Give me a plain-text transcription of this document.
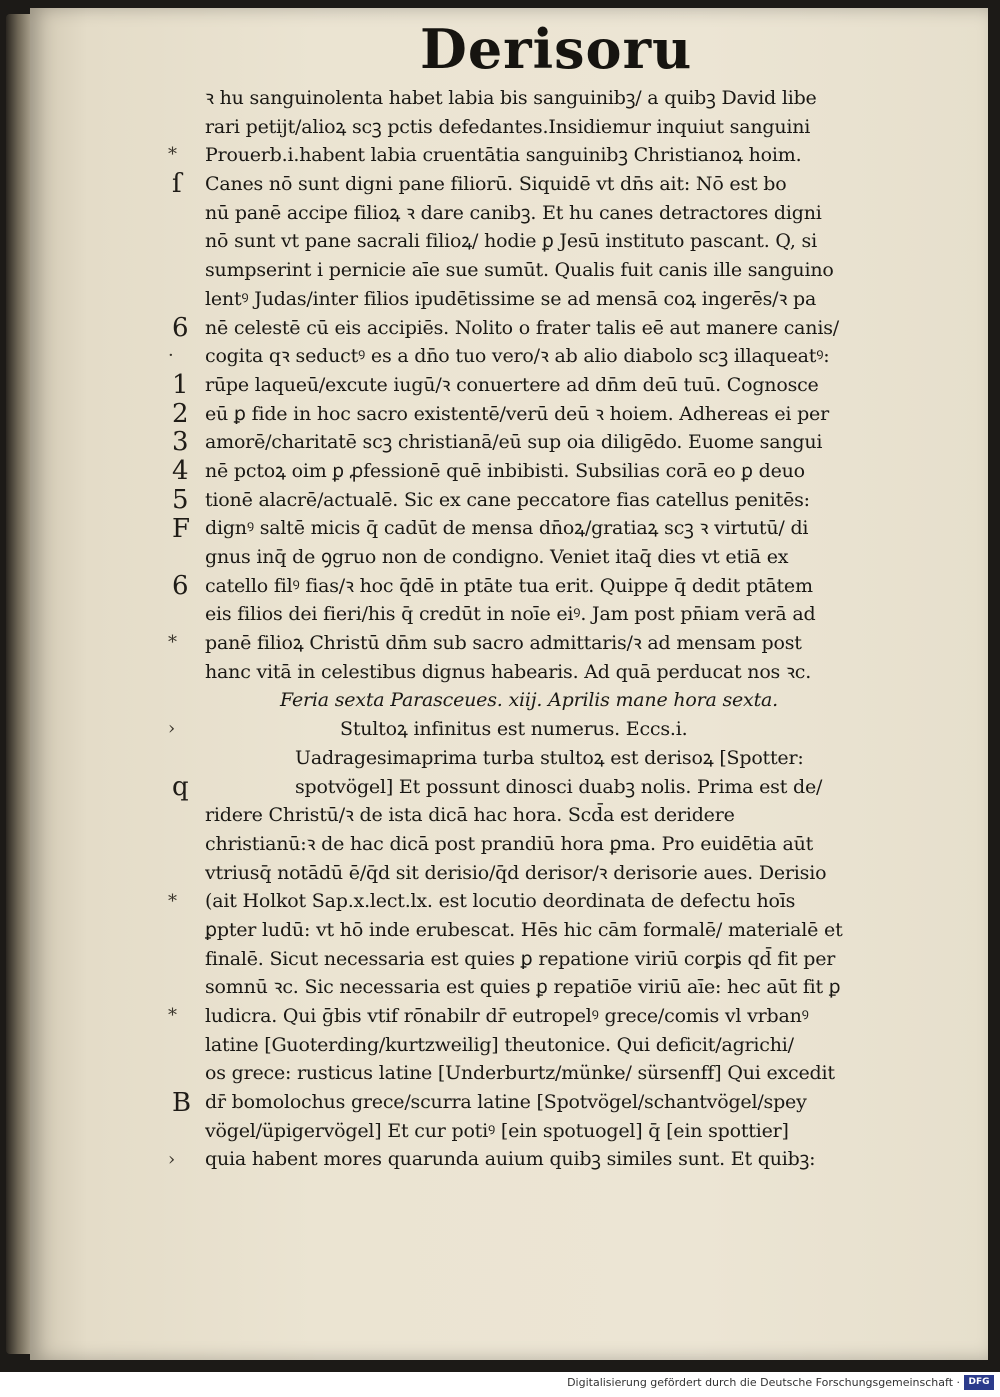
Derisoru
ꝛ hu sanguinolenta habet labia bis sanguinibꝫ/ a quibꝫ David libe
rari petijt/alioꝝ scꝫ pctis defedantes.Insidiemur inquiut sanguini
Prouerb.i.habent labia cruentātia sanguinibꝫ Christianoꝝ hoim.
Canes nō sunt digni pane filiorū. Siquidē vt dn̄s ait: Nō est bo
nū panē accipe filioꝝ ꝛ dare canibꝫ. Et hu canes detractores digni
nō sunt vt pane sacrali filioꝝ/ hodie ꝑ Jesū instituto pascant. Q, si
sumpserint i pernicie aīe sue sumūt. Qualis fuit canis ille sanguino
lentꝰ Judas/inter filios ipudētissime se ad mensā coꝝ ingerēs/ꝛ pa
nē celestē cū eis accipiēs. Nolito o frater talis eē aut manere canis/
cogita qꝛ seductꝰ es a dn̄o tuo vero/ꝛ ab alio diabolo scꝫ illaqueatꝰ:
rūpe laqueū/excute iugū/ꝛ conuertere ad dn̄m deū tuū. Cognosce
eū ꝑ fide in hoc sacro existentē/verū deū ꝛ hoiem. Adhereas ei per
amorē/charitatē scꝫ christianā/eū sup oia diligēdo. Euome sangui
nē pctoꝝ oim ꝑ ꝓfessionē quē inbibisti. Subsilias corā eo ꝑ deuo
tionē alacrē/actualē. Sic ex cane peccatore fias catellus penitēs:
dignꝰ saltē micis q̄ cadūt de mensa dn̄oꝝ/gratiaꝝ scꝫ ꝛ virtutū/ di
gnus inq̄ de ꝯgruo non de condigno. Veniet itaq̄ dies vt etiā ex
catello filꝰ fias/ꝛ hoc q̄dē in ptāte tua erit. Quippe q̄ dedit ptātem
eis filios dei fieri/his q̄ credūt in noīe eiꝰ. Jam post pn̄iam verā ad
panē filioꝝ Christū dn̄m sub sacro admittaris/ꝛ ad mensam post
hanc vitā in celestibus dignus habearis. Ad quā perducat nos ꝛc.
Feria sexta Parasceues. xiij. Aprilis mane hora sexta.
Stultoꝝ infinitus est numerus. Eccs.i.
Uadragesimaprima turba stultoꝝ est derisoꝝ [Spotter:
spotvögel] Et possunt dinosci duabꝫ nolis. Prima est de/
ridere Christū/ꝛ de ista dicā hac hora. Scd̄a est deridere
christianū:ꝛ de hac dicā post prandiū hora ꝑma. Pro euidētia aūt
vtriusq̄ notādū ē/q̄d sit derisio/q̄d derisor/ꝛ derisorie aues. Derisio
(ait Holkot Sap.x.lect.lx. est locutio deordinata de defectu hoīs
ꝑpter ludū: vt hō inde erubescat. Hēs hic cām formalē/ materialē et
finalē. Sicut necessaria est quies ꝑ repatione viriū corꝑis qd̄ fit per
somnū ꝛc. Sic necessaria est quies ꝑ repatiōe viriū aīe: hec aūt fit ꝑ
ludicra. Qui ḡbis vtif rōnabilr dr̄ eutropelꝰ grece/comis vl vrbanꝰ
latine [Guoterding/kurtzweilig] theutonice. Qui deficit/agrichi/
os grece: rusticus latine [Underburtz/münke/ sürsenff] Qui excedit
dr̄ bomolochus grece/scurra latine [Spotvögel/schantvögel/spey
vögel/üpigervögel] Et cur potiꝰ [ein spotuogel] q̄ [ein spottier]
quia habent mores quarunda auium quibꝫ similes sunt. Et quibꝫ:
*
ſ
6
·
1
2
3
4
5
F
6
*
›
q
*
*
B
›
Digitalisierung gefördert durch die Deutsche Forschungsgemeinschaft · DFG
